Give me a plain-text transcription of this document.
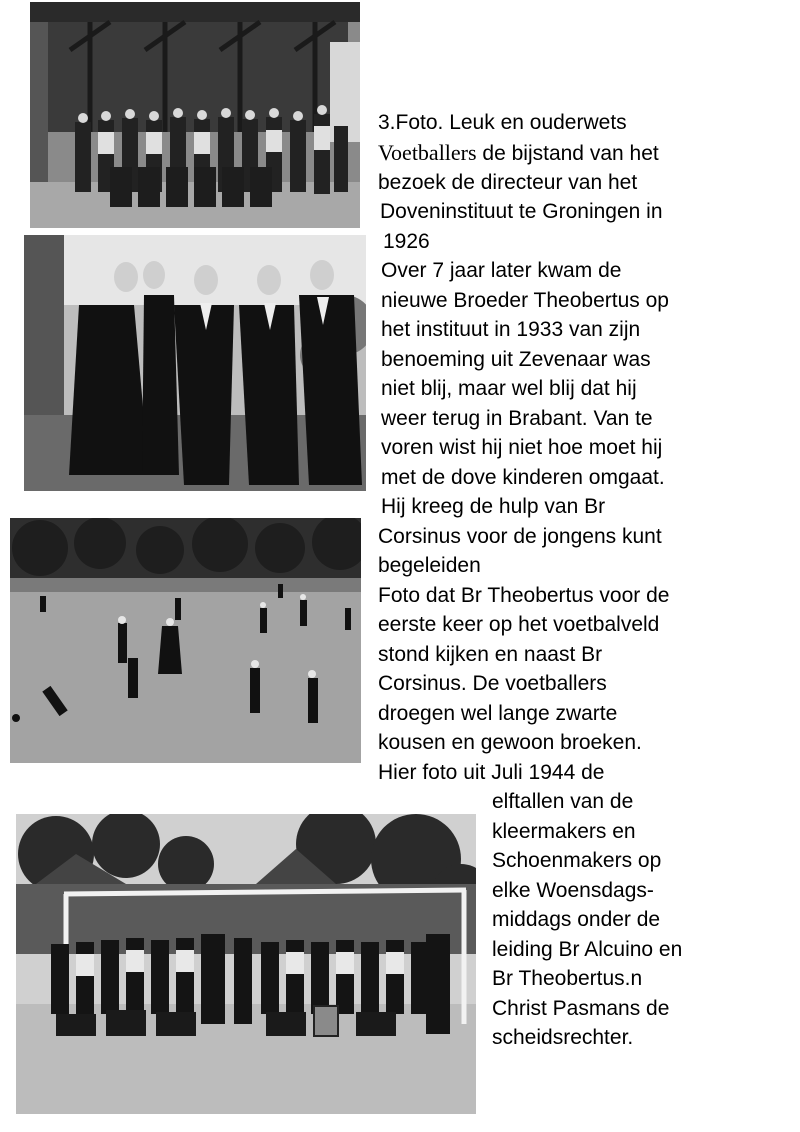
3.Foto. Leuk en ouderwets
Voetballers de bijstand van het
bezoek de directeur van het
Doveninstituut te Groningen in
1926
Over 7 jaar later kwam de
nieuwe Broeder Theobertus op
het instituut in 1933 van zijn
benoeming uit Zevenaar was
niet blij, maar wel blij dat hij
weer terug in Brabant. Van te
voren wist hij niet hoe moet hij
met de dove kinderen omgaat.
Hij kreeg de hulp van Br
Corsinus voor de jongens kunt
begeleiden
Foto dat Br Theobertus voor de
eerste keer op het voetbalveld
stond kijken en naast Br
Corsinus. De voetballers
droegen wel lange zwarte
kousen en gewoon broeken.
Hier foto uit Juli 1944 de
elftallen van de
kleermakers en
Schoenmakers op
elke Woensdags-
middags onder de
leiding Br Alcuino en
Br Theobertus.n
Christ Pasmans de
scheidsrechter.
